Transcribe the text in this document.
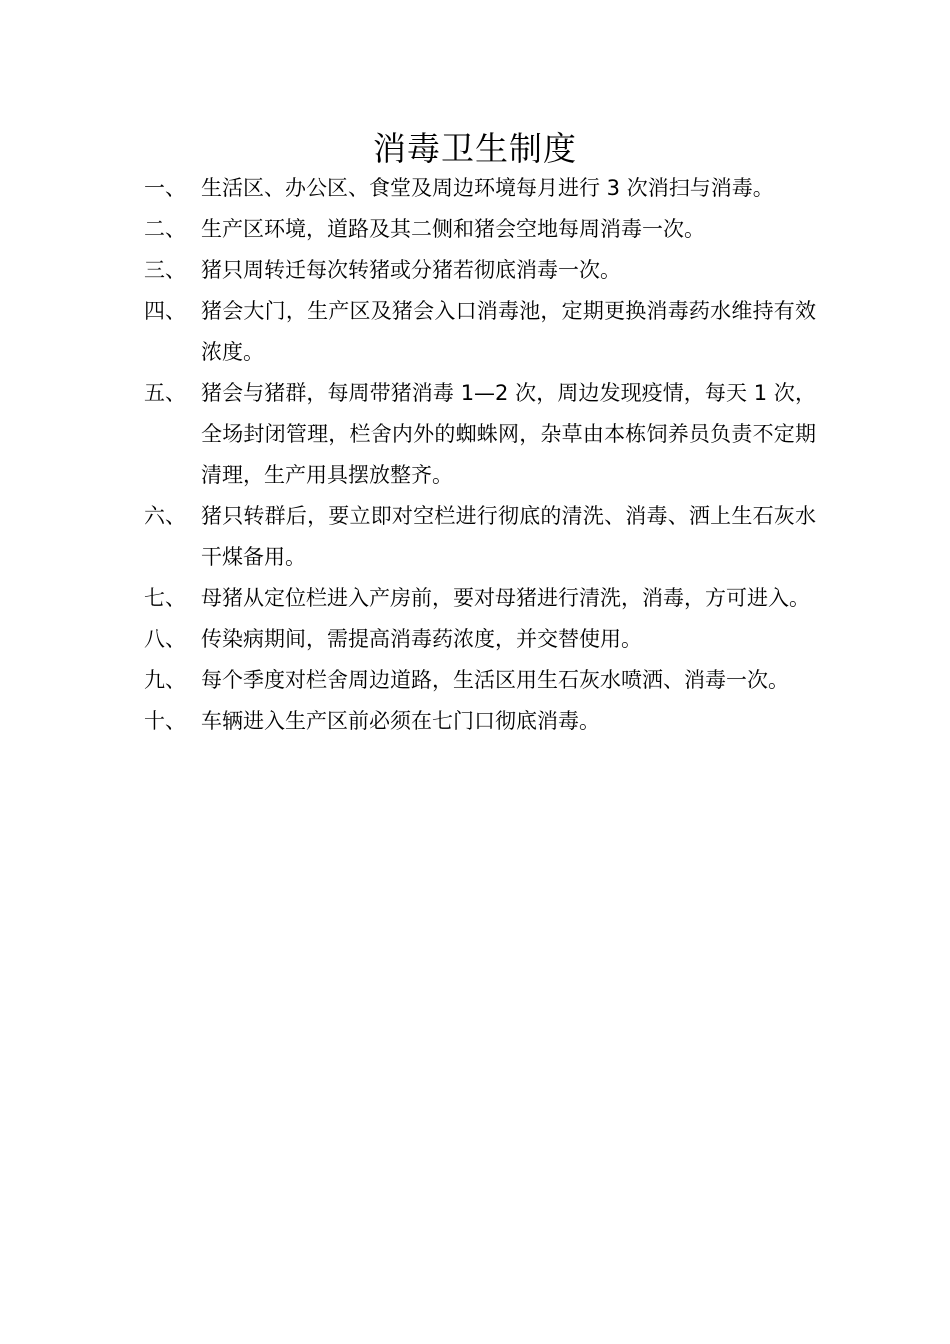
消毒卫生制度
一、 生活区、办公区、食堂及周边环境每月进行 3 次消扫与消毒。
二、 生产区环境，道路及其二侧和猪会空地每周消毒一次。
三、 猪只周转迁每次转猪或分猪若彻底消毒一次。
四、 猪会大门，生产区及猪会入口消毒池，定期更换消毒药水维持有效浓度。
五、 猪会与猪群，每周带猪消毒 1—2 次，周边发现疫情，每天 1 次，全场封闭管理，栏舍内外的蜘蛛网，杂草由本栋饲养员负责不定期清理，生产用具摆放整齐。
六、 猪只转群后，要立即对空栏进行彻底的清洗、消毒、洒上生石灰水干煤备用。
七、 母猪从定位栏进入产房前，要对母猪进行清洗，消毒，方可进入。
八、 传染病期间，需提高消毒药浓度，并交替使用。
九、 每个季度对栏舍周边道路，生活区用生石灰水喷洒、消毒一次。
十、 车辆进入生产区前必须在七门口彻底消毒。
